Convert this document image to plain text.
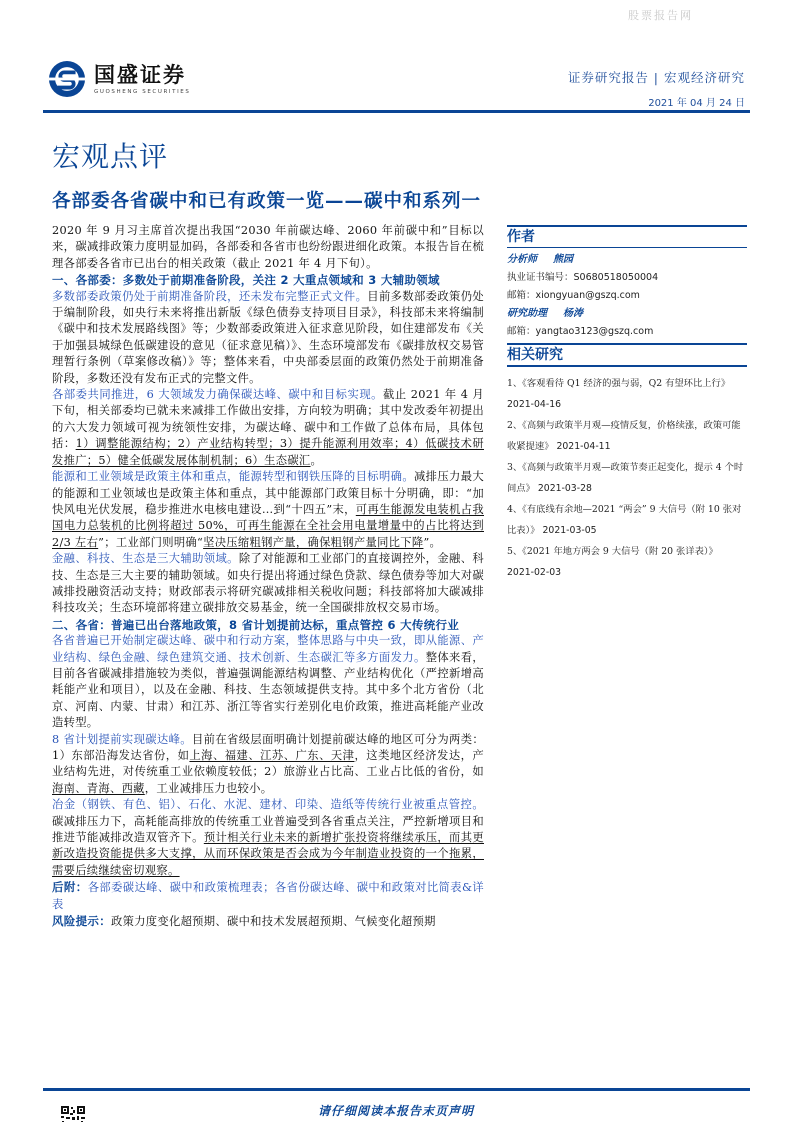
股票报告网
国盛证券
GUOSHENG SECURITIES
证券研究报告 | 宏观经济研究
2021 年 04 月 24 日
宏观点评
各部委各省碳中和已有政策一览——碳中和系列一

2020 年 9 月习主席首次提出我国“2030 年前碳达峰、2060 年前碳中和”目标以来，碳减排政策力度明显加码，各部委和各省市也纷纷跟进细化政策。本报告旨在梳理各部委各省市已出台的相关政策（截止 2021 年 4 月下旬）。

一、各部委：多数处于前期准备阶段，关注 2 大重点领域和 3 大辅助领域

多数部委政策仍处于前期准备阶段，还未发布完整正式文件。目前多数部委政策仍处于编制阶段，如央行未来将推出新版《绿色债券支持项目目录》，科技部未来将编制《碳中和技术发展路线图》等；少数部委政策进入征求意见阶段，如住建部发布《关于加强县城绿色低碳建设的意见（征求意见稿）》、生态环境部发布《碳排放权交易管理暂行条例（草案修改稿）》等；整体来看，中央部委层面的政策仍然处于前期准备阶段，多数还没有发布正式的完整文件。

各部委共同推进，6 大领域发力确保碳达峰、碳中和目标实现。截止 2021 年 4 月下旬，相关部委均已就未来减排工作做出安排，方向较为明确；其中发改委年初提出的六大发力领域可视为统领性安排，为碳达峰、碳中和工作做了总体布局，具体包括：1）调整能源结构；2）产业结构转型；3）提升能源利用效率；4）低碳技术研发推广；5）健全低碳发展体制机制；6）生态碳汇。

能源和工业领域是政策主体和重点，能源转型和钢铁压降的目标明确。减排压力最大的能源和工业领域也是政策主体和重点，其中能源部门政策目标十分明确，即：“加快风电光伏发展，稳步推进水电核电建设…到“十四五”末，可再生能源发电装机占我国电力总装机的比例将超过 50%，可再生能源在全社会用电量增量中的占比将达到 2/3 左右”；工业部门则明确“坚决压缩粗钢产量，确保粗钢产量同比下降”。

金融、科技、生态是三大辅助领域。除了对能源和工业部门的直接调控外，金融、科技、生态是三大主要的辅助领域。如央行提出将通过绿色贷款、绿色债券等加大对碳减排投融资活动支持；财政部表示将研究碳减排相关税收问题；科技部将加大碳减排科技攻关；生态环境部将建立碳排放交易基金，统一全国碳排放权交易市场。

二、各省：普遍已出台落地政策，8 省计划提前达标，重点管控 6 大传统行业

各省普遍已开始制定碳达峰、碳中和行动方案，整体思路与中央一致，即从能源、产业结构、绿色金融、绿色建筑交通、技术创新、生态碳汇等多方面发力。整体来看，目前各省碳减排措施较为类似，普遍强调能源结构调整、产业结构优化（严控新增高耗能产业和项目），以及在金融、科技、生态领域提供支持。其中多个北方省份（北京、河南、内蒙、甘肃）和江苏、浙江等省实行差别化电价政策，推进高耗能产业改造转型。

8 省计划提前实现碳达峰。目前在省级层面明确计划提前碳达峰的地区可分为两类：1）东部沿海发达省份，如上海、福建、江苏、广东、天津，这类地区经济发达，产业结构先进，对传统重工业依赖度较低；2）旅游业占比高、工业占比低的省份，如海南、青海、西藏，工业减排压力也较小。

冶金（钢铁、有色、铝）、石化、水泥、建材、印染、造纸等传统行业被重点管控。碳减排压力下，高耗能高排放的传统重工业普遍受到各省重点关注，严控新增项目和推进节能减排改造双管齐下。预计相关行业未来的新增扩张投资将继续承压，而其更新改造投资能提供多大支撑，从而环保政策是否会成为今年制造业投资的一个拖累，需要后续继续密切观察。

后附：各部委碳达峰、碳中和政策梳理表；各省份碳达峰、碳中和政策对比简表&详表

风险提示：政策力度变化超预期、碳中和技术发展超预期、气候变化超预期

作者
分析师 熊园
执业证书编号：S0680518050004
邮箱：xiongyuan@gszq.com
研究助理 杨涛
邮箱：yangtao3123@gszq.com
相关研究
1、《客观看待 Q1 经济的强与弱，Q2 有望环比上行》
2021-04-16
2、《高频与政策半月观—疫情反复，价格续涨，政策可能收紧提速》 2021-04-11
3、《高频与政策半月观—政策节奏正起变化，提示 4 个时间点》 2021-03-28
4、《有底线有余地—2021 “两会” 9 大信号（附 10 张对比表）》 2021-03-05
5、《2021 年地方两会 9 大信号（附 20 张详表）》 2021-02-03
请仔细阅读本报告末页声明
